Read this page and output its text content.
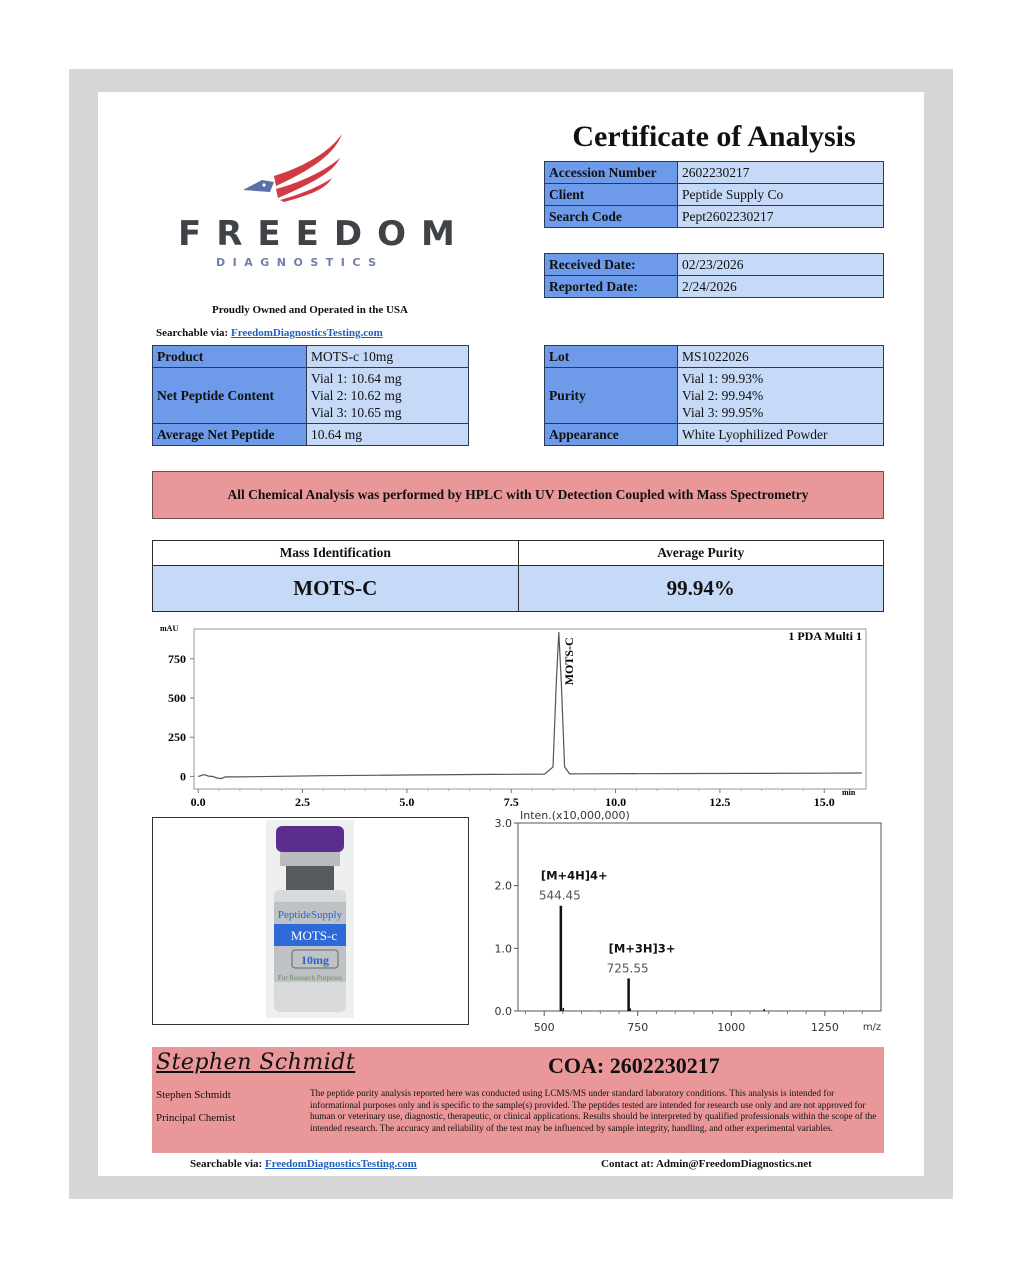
FREEDOM
DIAGNOSTICS
Proudly Owned and Operated in the USA
Searchable via: FreedomDiagnosticsTesting.com
Certificate of Analysis
Accession Number	2602230217
Client	Peptide Supply Co
Search Code	Pept2602230217
Received Date:	02/23/2026
Reported Date:	2/24/2026
Product	MOTS-c 10mg
Net Peptide Content	Vial 1: 10.64 mg
Vial 2: 10.62 mg
Vial 3: 10.65 mg

Average Net Peptide	10.64 mg
Lot	MS1022026
Purity	Vial 1: 99.93%
Vial 2: 99.94%
Vial 3: 99.95%

Appearance	White Lyophilized Powder
All Chemical Analysis was performed by HPLC with UV Detection Coupled with Mass Spectrometry
Mass Identification	Average Purity
MOTS-C	99.94%
mAU
min
1 PDA Multi 1
0.0	2.5	5.0	7.5	10.0	12.5	15.0
0
250
500
750	MOTS-C
PeptideSupply
MOTS-c
10mg
For Research Purposes
Inten.(x10,000,000)
m/z
500	750	1000	1250
0.0
1.0
2.0
3.0
544.45
[M+4H]4+
725.55
[M+3H]3+
Stephen Schmidt	COA: 2602230217
Stephen Schmidt
Principal Chemist
The peptide purity analysis reported here was conducted using LCMS/MS under standard laboratory conditions. This analysis is intended for informational purposes only and is specific to the sample(s) provided. The peptides tested are intended for research use only and are not approved for human or veterinary use, diagnostic, therapeutic, or clinical applications. Results should be interpreted by qualified professionals within the scope of the intended research. The accuracy and reliability of the test may be influenced by sample integrity, handling, and other experimental variables.
Searchable via: FreedomDiagnosticsTesting.com	Contact at: Admin@FreedomDiagnostics.net
